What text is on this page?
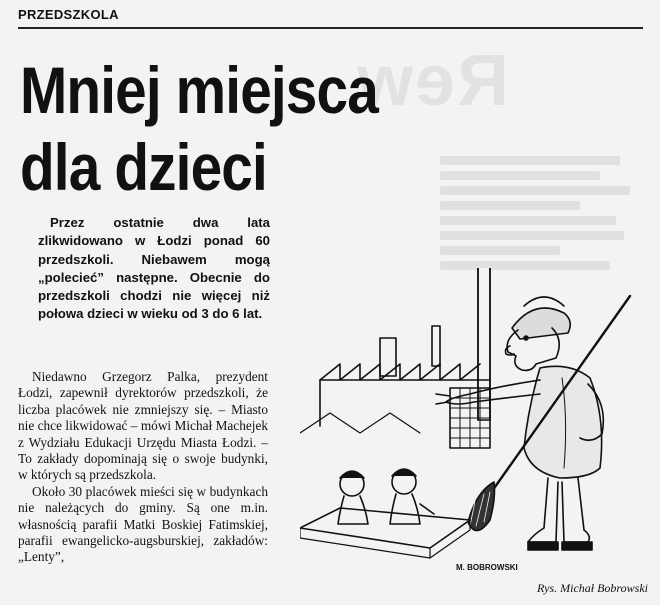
Rew
PRZEDSZKOLA
Mniej miejsca
dla dzieci
Przez ostatnie dwa lata zlikwidowano w Łodzi ponad 60 przedszkoli. Niebawem mogą „polecieć” następne. Obecnie do przedszkoli chodzi nie więcej niż połowa dzieci w wieku od 3 do 6 lat.

Niedawno Grzegorz Palka, prezydent Łodzi, zapewnił dyrektorów przedszkoli, że liczba placówek nie zmniejszy się. – Miasto nie chce likwidować – mówi Michał Machejek z Wydziału Edukacji Urzędu Miasta Łodzi. – To zakłady dopominają się o swoje budynki, w których są przedszkola.

Około 30 placówek mieści się w budynkach nie należących do gminy. Są one m.in. własnością parafii Matki Boskiej Fatimskiej, parafii ewangelicko-augsburskiej, zakładów: „Lenty”,

M. BOBROWSKI
Rys. Michał Bobrowski
